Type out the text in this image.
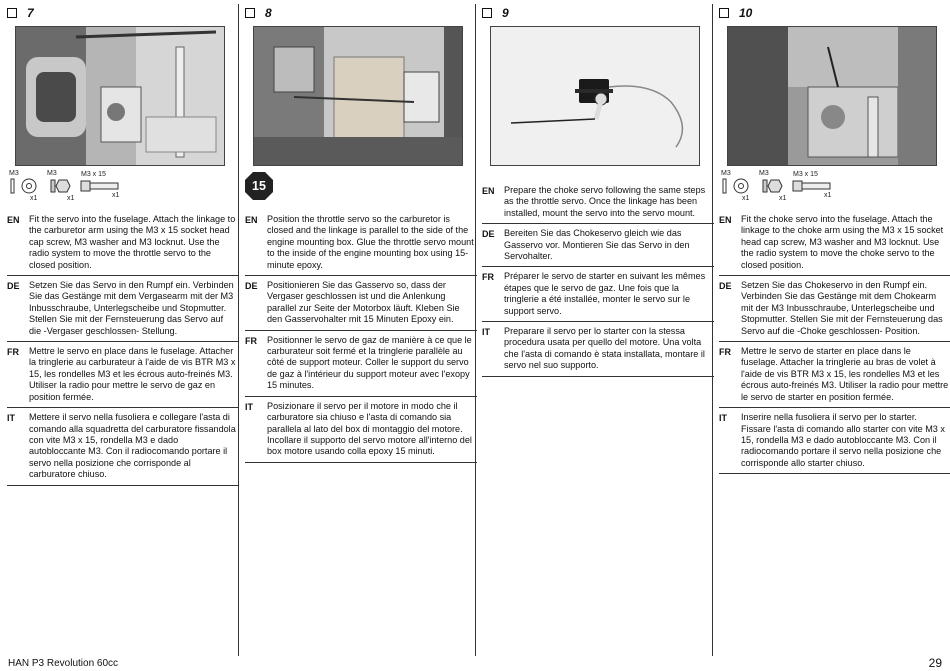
7
M3	M3	M3 x 15
x1	x1	x1
EN	Fit the servo into the fuselage. Attach the linkage to the carburetor arm using the M3 x 15 socket head cap screw, M3 washer and M3 locknut. Use the radio system to move the throttle servo to the closed position.
DE	Setzen Sie das Servo in den Rumpf ein. Verbinden Sie das Gestänge mit dem Vergasearm mit der M3 Inbusschraube, Unterlegscheibe und Stopmutter. Stellen Sie mit der Fernsteuerung das Servo auf die -Vergaser geschlossen- Stellung.
FR	Mettre le servo en place dans le fuselage. Attacher la tringlerie au carburateur à l'aide de vis BTR M3 x 15, les rondelles M3 et les écrous auto-freinés M3. Utiliser la radio pour mettre le servo de gaz en position fermée.
IT	Mettere il servo nella fusoliera e collegare l'asta di comando alla squadretta del carburatore fissandola con vite M3 x 15, rondella M3 e dado autobloccante M3. Con il radiocomando portare il servo nella posizione che corrisponde al carburatore chiuso.
8
15
EN	Position the throttle servo so the carburetor is closed and the linkage is parallel to the side of the engine mounting box. Glue the throttle servo mount to the inside of the engine mounting box using 15-minute epoxy.
DE	Positionieren Sie das Gasservo so, dass der Vergaser geschlossen ist und die Anlenkung parallel zur Seite der Motorbox läuft. Kleben Sie den Gasservohalter mit 15 Minuten Epoxy ein.
FR	Positionner le servo de gaz de manière à ce que le carburateur soit fermé et la tringlerie parallèle au côté de support moteur. Coller le support du servo de gaz à l'intérieur du support moteur avec l'exopy 15 minutes.
IT	Posizionare il servo per il motore in modo che il carburatore sia chiuso e l'asta di comando sia parallela al lato del box di montaggio del motore. Incollare il supporto del servo motore all'interno del box motore usando colla epoxy 15 minuti.
9
EN	Prepare the choke servo following the same steps as the throttle servo. Once the linkage has been installed, mount the servo into the servo mount.
DE	Bereiten Sie das Chokeservo gleich wie das Gasservo vor. Montieren Sie das Servo in den Servohalter.
FR	Préparer le servo de starter en suivant les mêmes étapes que le servo de gaz. Une fois que la tringlerie a été installée, monter le servo sur le support servo.
IT	Preparare il servo per lo starter con la stessa procedura usata per quello del motore. Una volta che l'asta di comando è stata installata, montare il servo nel suo supporto.
10
M3	M3	M3 x 15
x1	x1	x1
EN	Fit the choke servo into the fuselage. Attach the linkage to the choke arm using the M3 x 15 socket head cap screw, M3 washer and M3 locknut. Use the radio system to move the choke servo to the closed position.
DE	Setzen Sie das Chokeservo in den Rumpf ein. Verbinden Sie das Gestänge mit dem Chokearm mit der M3 Inbusschraube, Unterlegscheibe und Stopmutter. Stellen Sie mit der Fernsteuerung das Servo auf die -Choke geschlossen- Position.
FR	Mettre le servo de starter en place dans le fuselage. Attacher la tringlerie au bras de volet à l'aide de vis BTR M3 x 15, les rondelles M3 et les écrous auto-freinés M3. Utiliser la radio pour mettre le servo de starter en position fermée.
IT	Inserire nella fusoliera il servo per lo starter. Fissare l'asta di comando allo starter con vite M3 x 15, rondella M3 e dado autobloccante M3. Con il radiocomando portare il servo nella posizione che corrisponde allo starter chiuso.
HAN P3 Revolution 60cc	29
